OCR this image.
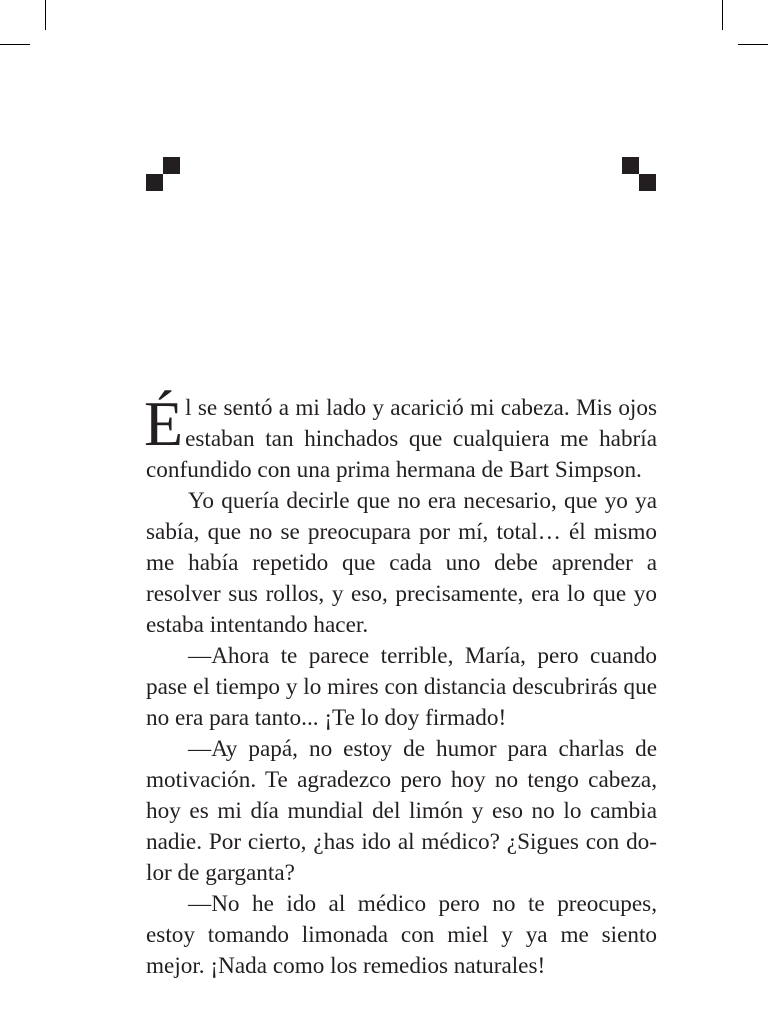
Él se sentó a mi lado y acarició mi cabeza. Mis ojos estaban tan hinchados que cualquiera me habría confundido con una prima hermana de Bart Simpson.

Yo quería decirle que no era necesario, que yo ya sabía, que no se preocupara por mí, total… él mismo me había repetido que cada uno debe aprender a resolver sus rollos, y eso, precisamente, era lo que yo estaba intentando hacer.

—Ahora te parece terrible, María, pero cuando pase el tiempo y lo mires con distancia descubrirás que no era para tanto... ¡Te lo doy firmado!

—Ay papá, no estoy de humor para charlas de motivación. Te agradezco pero hoy no tengo cabeza, hoy es mi día mundial del limón y eso no lo cambia nadie. Por cierto, ¿has ido al médico? ¿Sigues con dolor de garganta?

—No he ido al médico pero no te preocupes, estoy tomando limonada con miel y ya me siento mejor. ¡Nada como los remedios naturales!
